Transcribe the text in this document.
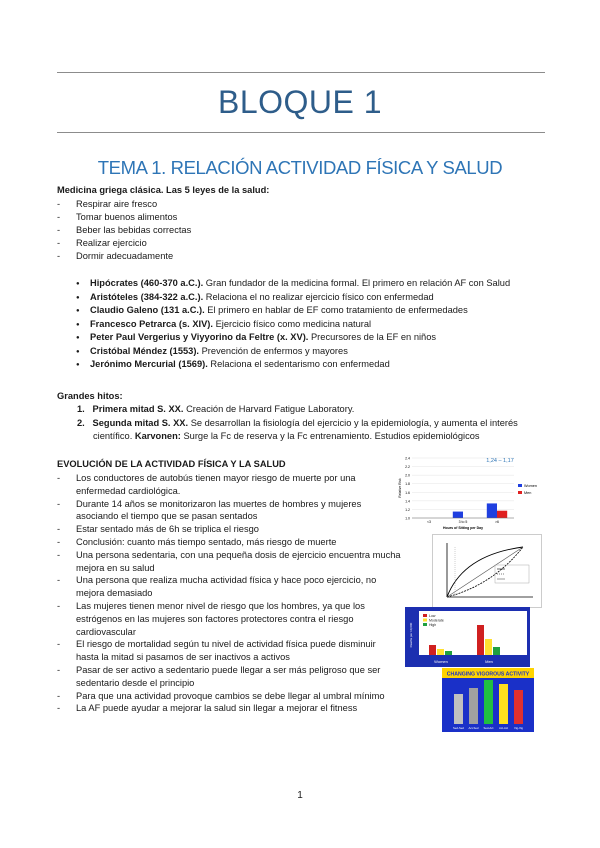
BLOQUE 1
TEMA 1. RELACIÓN ACTIVIDAD FÍSICA Y SALUD
Medicina griega clásica. Las 5 leyes de la salud:
- Respirar aire fresco
- Tomar buenos alimentos
- Beber las bebidas correctas
- Realizar ejercicio
- Dormir adecuadamente
● Hipócrates (460-370 a.C.). Gran fundador de la medicina formal. El primero en relación AF con Salud
● Aristóteles (384-322 a.C.). Relaciona el no realizar ejercicio físico con enfermedad
● Claudio Galeno (131 a.C.). El primero en hablar de EF como tratamiento de enfermedades
● Francesco Petrarca (s. XIV). Ejercicio físico como medicina natural
● Peter Paul Vergerius y Viyyorino da Feltre (x. XV). Precursores de la EF en niños
● Cristóbal Méndez (1553). Prevención de enfermos y mayores
● Jerónimo Mercurial (1569). Relaciona el sedentarismo con enfermedad
Grandes hitos:
1. Primera mitad S. XX. Creación de Harvard Fatigue Laboratory.
2. Segunda mitad S. XX. Se desarrollan la fisiología del ejercicio y la epidemiología, y aumenta el interés
científico. Karvonen: Surge la Fc de reserva y la Fc entrenamiento. Estudios epidemiológicos
EVOLUCIÓN DE LA ACTIVIDAD FÍSICA Y LA SALUD
- Los conductores de autobús tienen mayor riesgo de muerte por una
enfermedad cardiológica.
- Durante 14 años se monitorizaron las muertes de hombres y mujeres
asociando el tiempo que se pasan sentados
- Estar sentado más de 6h se triplica el riesgo
- Conclusión: cuanto más tiempo sentado, más riesgo de muerte
- Una persona sedentaria, con una pequeña dosis de ejercicio encuentra mucha
mejora en su salud
- Una persona que realiza mucha actividad física y hace poco ejercicio, no
mejora demasiado
- Las mujeres tienen menor nivel de riesgo que los hombres, ya que los
estrógenos en las mujeres son factores protectores contra el riesgo
cardiovascular
- El riesgo de mortalidad según tu nivel de actividad física puede disminuir
hasta la mitad si pasamos de ser inactivos a activos
- Pasar de ser activo a sedentario puede llegar a ser más peligroso que ser
sedentario desde el principio
- Para que una actividad provoque cambios se debe llegar al umbral mínimo
- La AF puede ayudar a mejorar la salud sin llegar a mejorar el fitness
1.0
1.2
1.4
1.6
1.8
2.0
2.2
2.4
<3	3 to 5	>6
Hours of Sitting per Day
Relative Risk
1,24 – 1,17
Women
Men
Low
Moderate
High
Women	Men
Deaths per 10,000
CHANGING VIGOROUS ACTIVITY
Sed-Sed Act-Sed Sed-Act Act-Act Vig-Vig
1
